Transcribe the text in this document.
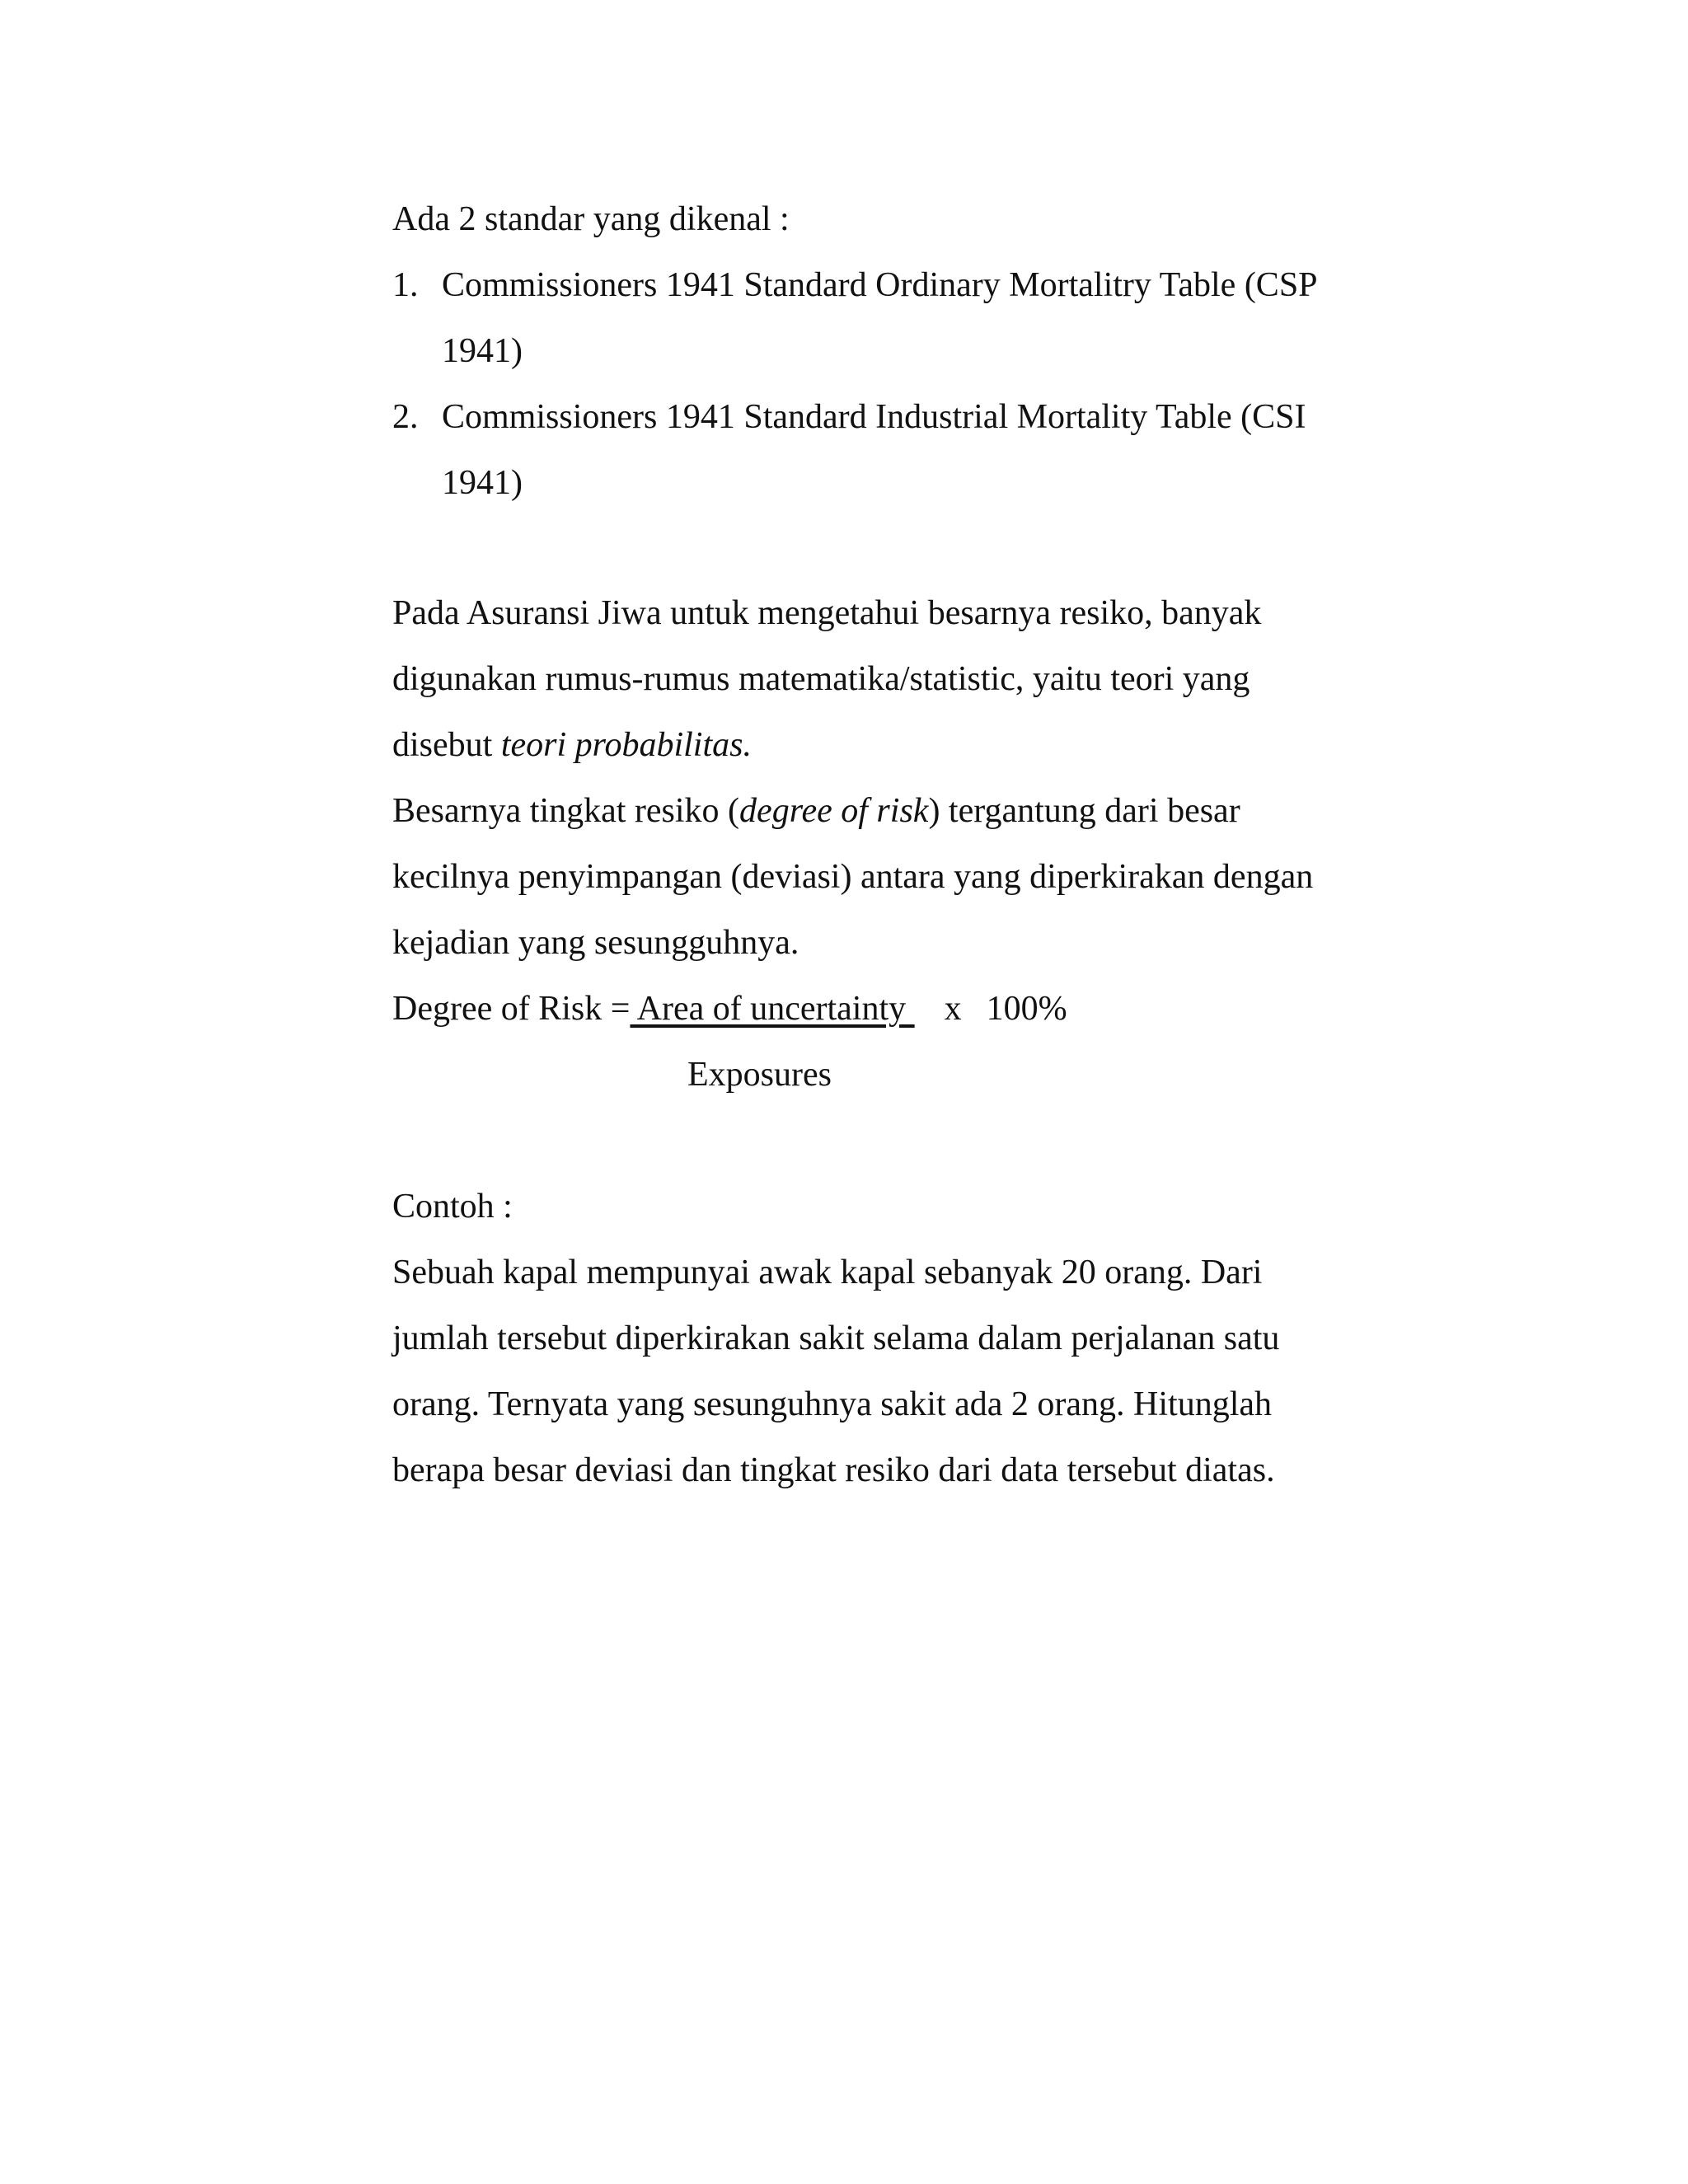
Ada 2 standar yang dikenal :
1. Commissioners 1941 Standard Ordinary Mortalitry Table (CSP
1941)
2. Commissioners 1941 Standard Industrial Mortality Table (CSI
1941)
Pada Asuransi Jiwa untuk mengetahui besarnya resiko, banyak
digunakan rumus-rumus matematika/statistic, yaitu teori yang
disebut teori probabilitas.
Besarnya tingkat resiko (degree of risk) tergantung dari besar
kecilnya penyimpangan (deviasi) antara yang diperkirakan dengan
kejadian yang sesungguhnya.
Degree of Risk = Area of uncertainty x 100%
Exposures
Contoh :
Sebuah kapal mempunyai awak kapal sebanyak 20 orang. Dari
jumlah tersebut diperkirakan sakit selama dalam perjalanan satu
orang. Ternyata yang sesunguhnya sakit ada 2 orang. Hitunglah
berapa besar deviasi dan tingkat resiko dari data tersebut diatas.
